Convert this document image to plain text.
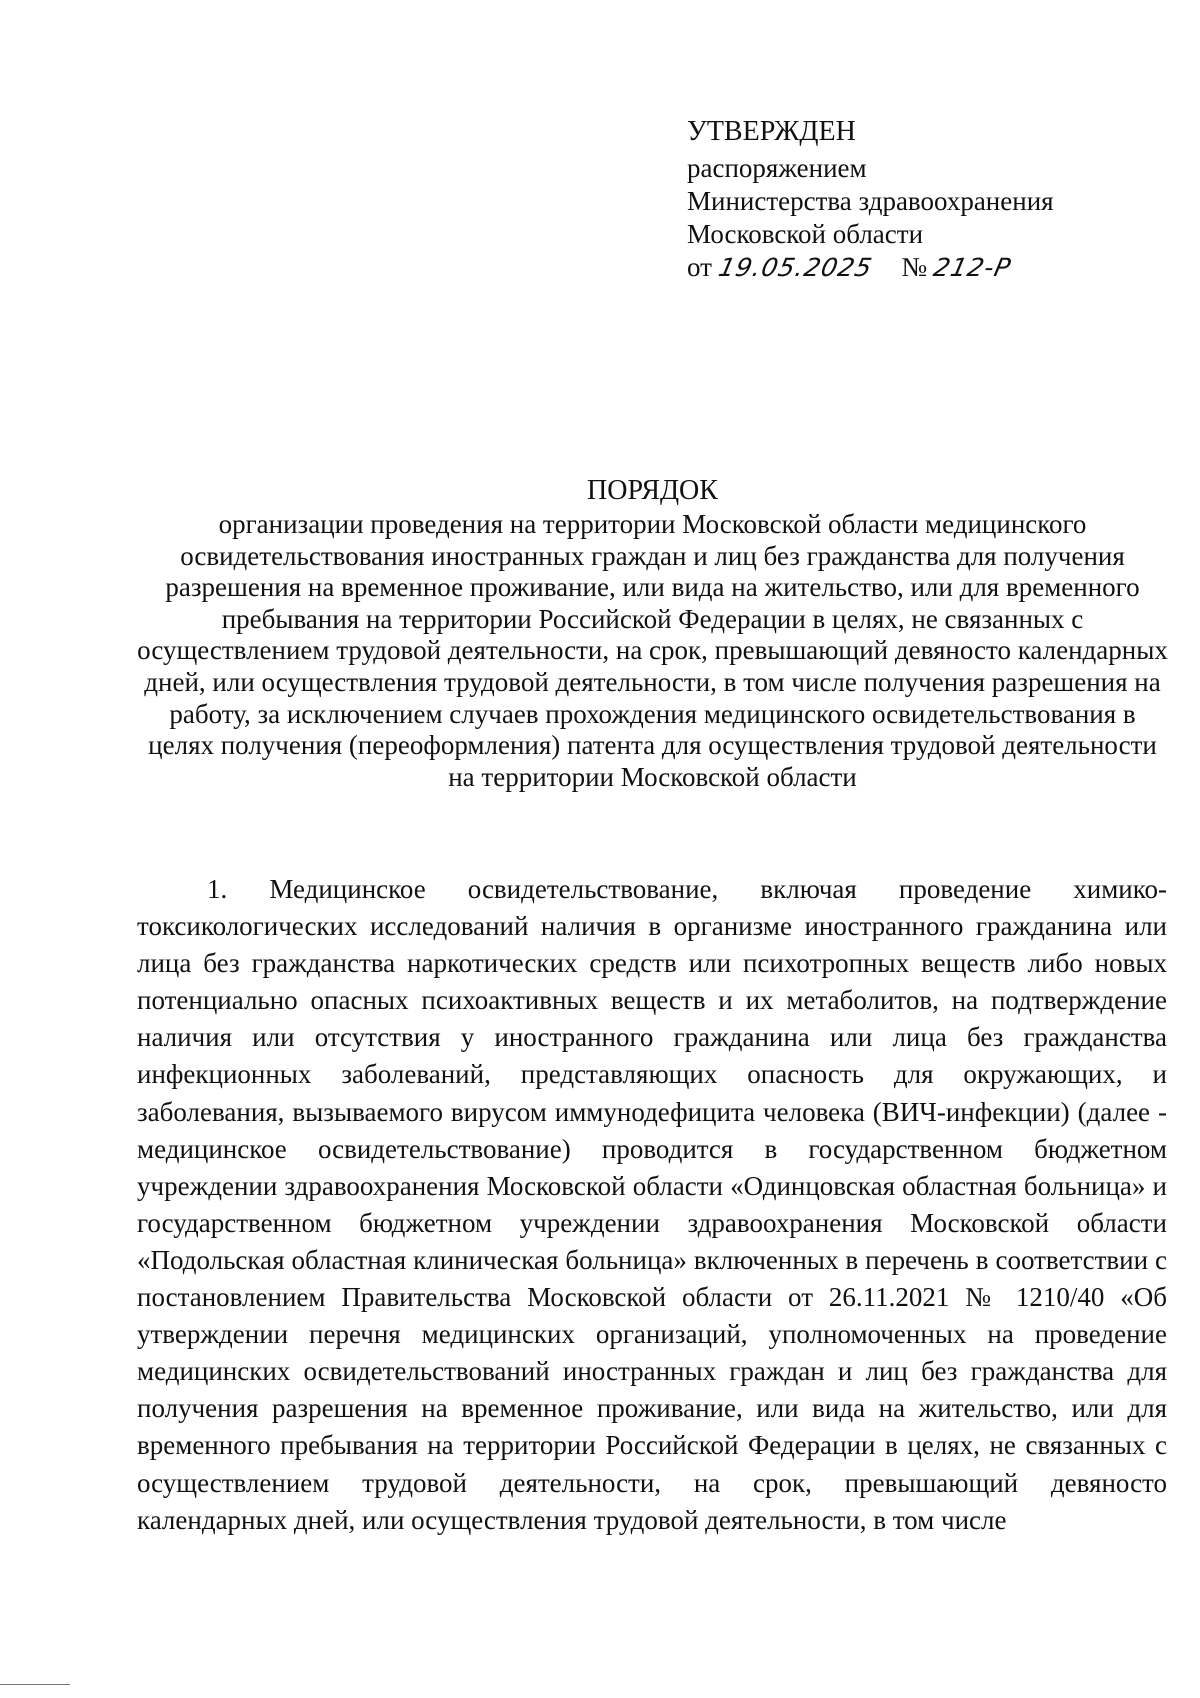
УТВЕРЖДЕН
распоряжением
Министерства здравоохранения
Московской области
от 19.05.2025 № 212-Р
ПОРЯДОК
организации проведения на территории Московской области медицинского освидетельствования иностранных граждан и лиц без гражданства для получения разрешения на временное проживание, или вида на жительство, или для временного пребывания на территории Российской Федерации в целях, не связанных с осуществлением трудовой деятельности, на срок, превышающий девяносто календарных дней, или осуществления трудовой деятельности, в том числе получения разрешения на работу, за исключением случаев прохождения медицинского освидетельствования в целях получения (переоформления) патента для осуществления трудовой деятельности на территории Московской области
1. Медицинское освидетельствование, включая проведение химико-токсикологических исследований наличия в организме иностранного гражданина или лица без гражданства наркотических средств или психотропных веществ либо новых потенциально опасных психоактивных веществ и их метаболитов, на подтверждение наличия или отсутствия у иностранного гражданина или лица без гражданства инфекционных заболеваний, представляющих опасность для окружающих, и заболевания, вызываемого вирусом иммунодефицита человека (ВИЧ-инфекции) (далее - медицинское освидетельствование) проводится в государственном бюджетном учреждении здравоохранения Московской области «Одинцовская областная больница» и государственном бюджетном учреждении здравоохранения Московской области «Подольская областная клиническая больница» включенных в перечень в соответствии с постановлением Правительства Московской области от 26.11.2021 № 1210/40 «Об утверждении перечня медицинских организаций, уполномоченных на проведение медицинских освидетельствований иностранных граждан и лиц без гражданства для получения разрешения на временное проживание, или вида на жительство, или для временного пребывания на территории Российской Федерации в целях, не связанных с осуществлением трудовой деятельности, на срок, превышающий девяносто календарных дней, или осуществления трудовой деятельности, в том числе
